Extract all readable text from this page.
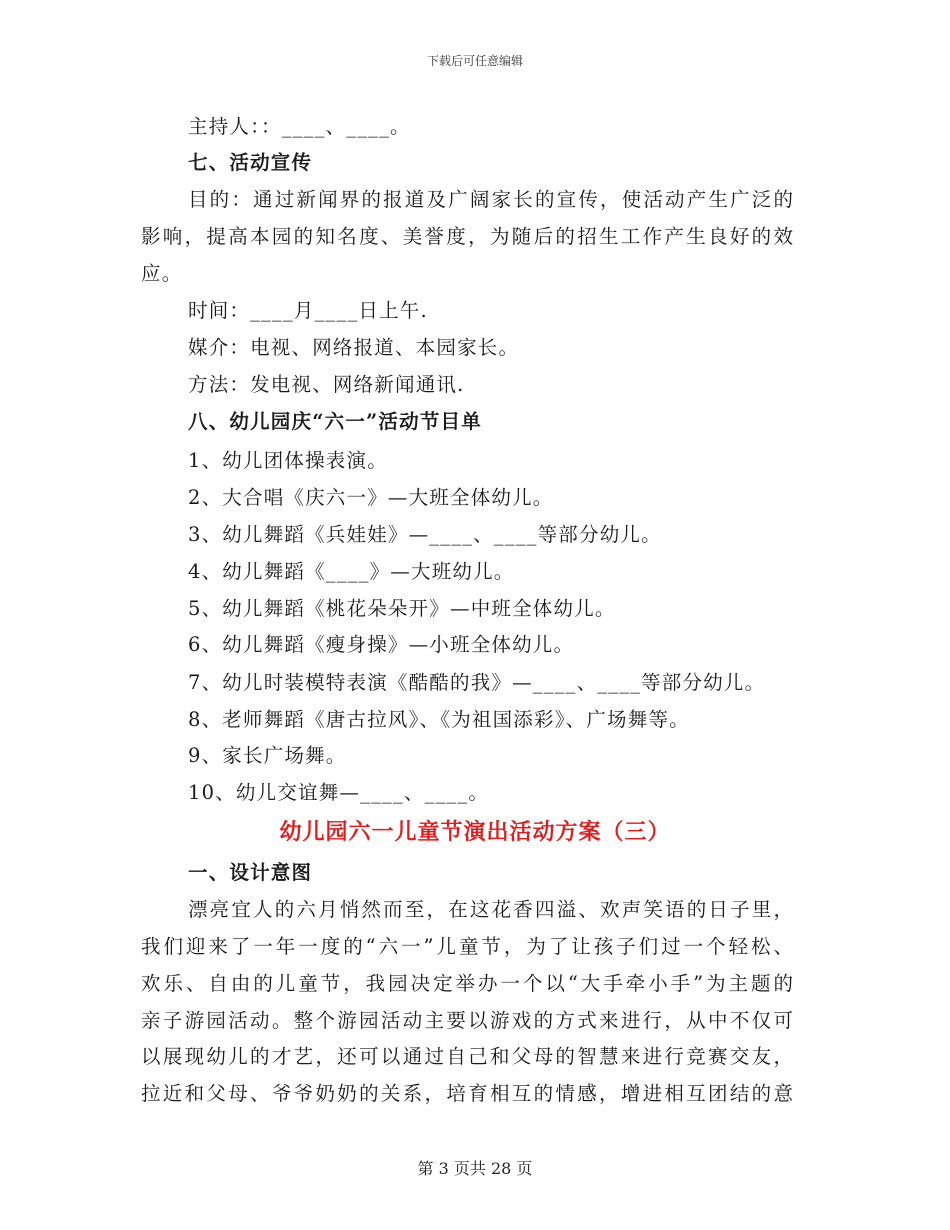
下载后可任意编辑
主持人：：____、____。
七、活动宣传
目的：通过新闻界的报道及广阔家长的宣传，使活动产生广泛的
影响，提高本园的知名度、美誉度，为随后的招生工作产生良好的效
应。
时间：____月____日上午.
媒介：电视、网络报道、本园家长。
方法：发电视、网络新闻通讯.
八、幼儿园庆“六一”活动节目单
1、幼儿团体操表演。
2、大合唱《庆六一》—大班全体幼儿。
3、幼儿舞蹈《兵娃娃》—____、____等部分幼儿。
4、幼儿舞蹈《____》—大班幼儿。
5、幼儿舞蹈《桃花朵朵开》—中班全体幼儿。
6、幼儿舞蹈《瘦身操》—小班全体幼儿。
7、幼儿时装模特表演《酷酷的我》—____、____等部分幼儿。
8、老师舞蹈《唐古拉风》、《为祖国添彩》、广场舞等。
9、家长广场舞。
10、幼儿交谊舞—____、____。
幼儿园六一儿童节演出活动方案（三）
一、设计意图
漂亮宜人的六月悄然而至，在这花香四溢、欢声笑语的日子里，
我们迎来了一年一度的“六一”儿童节，为了让孩子们过一个轻松、
欢乐、自由的儿童节，我园决定举办一个以“大手牵小手”为主题的
亲子游园活动。整个游园活动主要以游戏的方式来进行，从中不仅可
以展现幼儿的才艺，还可以通过自己和父母的智慧来进行竞赛交友，
拉近和父母、爷爷奶奶的关系，培育相互的情感，增进相互团结的意
第 3 页共 28 页
